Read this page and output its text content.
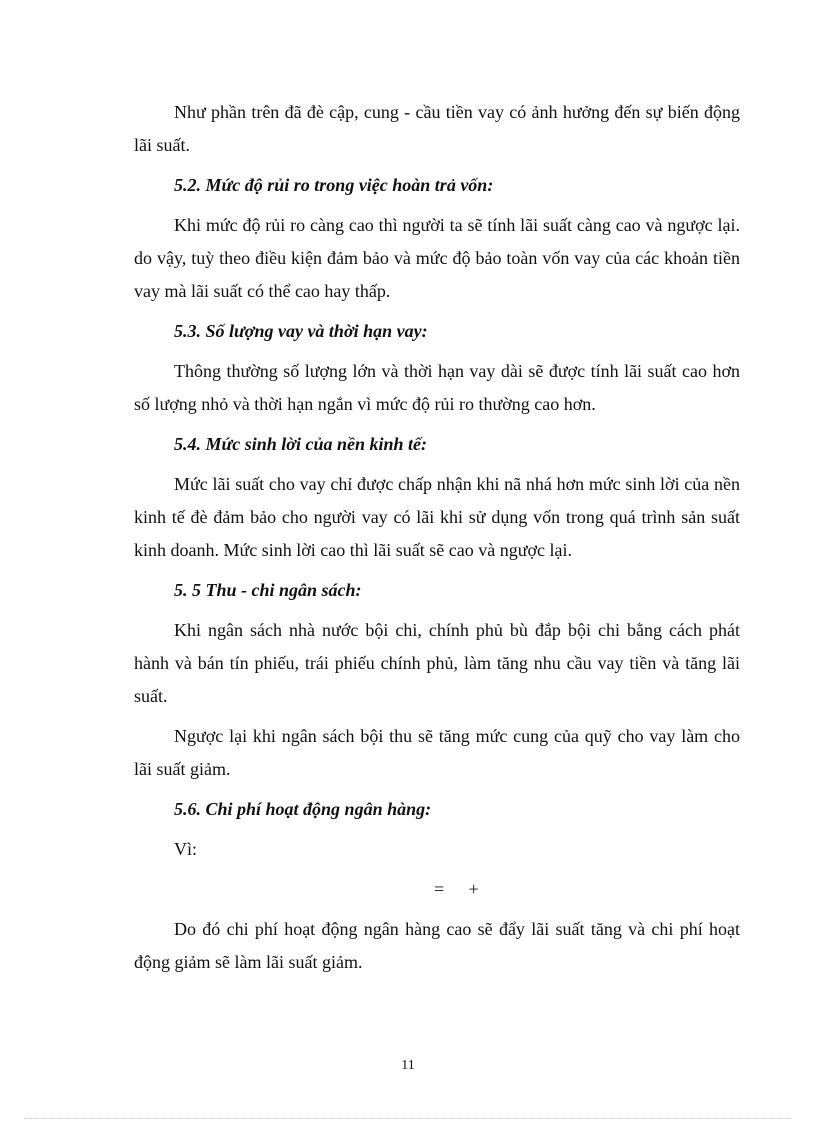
Như phần trên đã đè cập, cung - cầu tiền vay có ảnh hưởng đến sự biến động lãi suất.

5.2. Mức độ rủi ro trong việc hoàn trả vốn:

Khi mức độ rủi ro càng cao thì người ta sẽ tính lãi suất càng cao và ngược lại. do vậy, tuỳ theo điều kiện đảm bảo và mức độ bảo toàn vốn vay của các khoản tiền vay mà lãi suất có thể cao hay thấp.

5.3. Số lượng vay và thời hạn vay:

Thông thường số lượng lớn và thời hạn vay dài sẽ được tính lãi suất cao hơn số lượng nhỏ và thời hạn ngắn vì mức độ rủi ro thường cao hơn.

5.4. Mức sinh lời của nền kinh tế:

Mức lãi suất cho vay chỉ được chấp nhận khi nã nhá hơn mức sinh lời của nền kinh tế đè đảm bảo cho người vay có lãi khi sử dụng vốn trong quá trình sản suất kinh doanh. Mức sinh lời cao thì lãi suất sẽ cao và ngược lại.

5. 5 Thu - chi ngân sách:

Khi ngân sách nhà nước bội chi, chính phủ bù đắp bội chi bằng cách phát hành và bán tín phiếu, trái phiếu chính phủ, làm tăng nhu cầu vay tiền và tăng lãi suất.

Ngược lại khi ngân sách bội thu sẽ tăng mức cung của quỹ cho vay làm cho lãi suất giảm.

5.6. Chi phí hoạt động ngân hàng:

Vì:

= +

Do đó chi phí hoạt động ngân hàng cao sẽ đẩy lãi suất tăng và chi phí hoạt động giảm sẽ làm lãi suất giảm.

11
